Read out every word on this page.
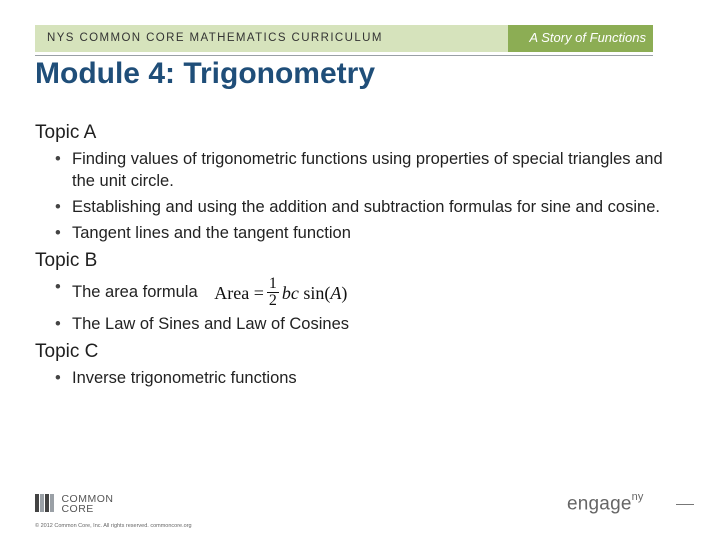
NYS COMMON CORE MATHEMATICS CURRICULUM	A Story of Functions
Module 4: Trigonometry
Topic A
• Finding values of trigonometric functions using properties of special triangles and the unit circle.
• Establishing and using the addition and subtraction formulas for sine and cosine.
• Tangent lines and the tangent function
Topic B
• The area formula Area = $\frac{1}{2}$ bc
sin( A )
• The Law of Sines and Law of Cosines
Topic C
• Inverse trigonometric functions
COMMON
CORE
© 2012 Common Core, Inc. All rights reserved. commoncore.org
engage$^{ny}$
